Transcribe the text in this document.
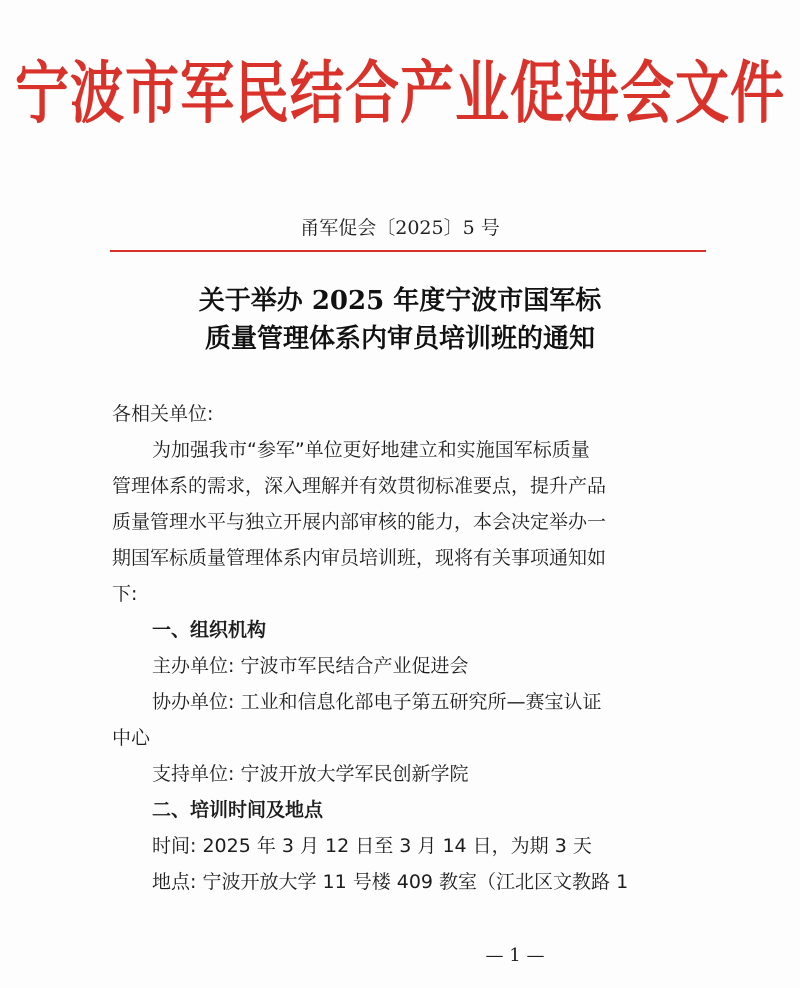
宁波市军民结合产业促进会文件
甬军促会〔2025〕5 号
关于举办 2025 年度宁波市国军标
质量管理体系内审员培训班的通知
各相关单位:
为加强我市“参军”单位更好地建立和实施国军标质量
管理体系的需求，深入理解并有效贯彻标准要点，提升产品
质量管理水平与独立开展内部审核的能力，本会决定举办一
期国军标质量管理体系内审员培训班，现将有关事项通知如
下:
一、组织机构
主办单位: 宁波市军民结合产业促进会
协办单位: 工业和信息化部电子第五研究所—赛宝认证
中心
支持单位: 宁波开放大学军民创新学院
二、培训时间及地点
时间: 2025 年 3 月 12 日至 3 月 14 日，为期 3 天
地点: 宁波开放大学 11 号楼 409 教室（江北区文教路 1
— 1 —
